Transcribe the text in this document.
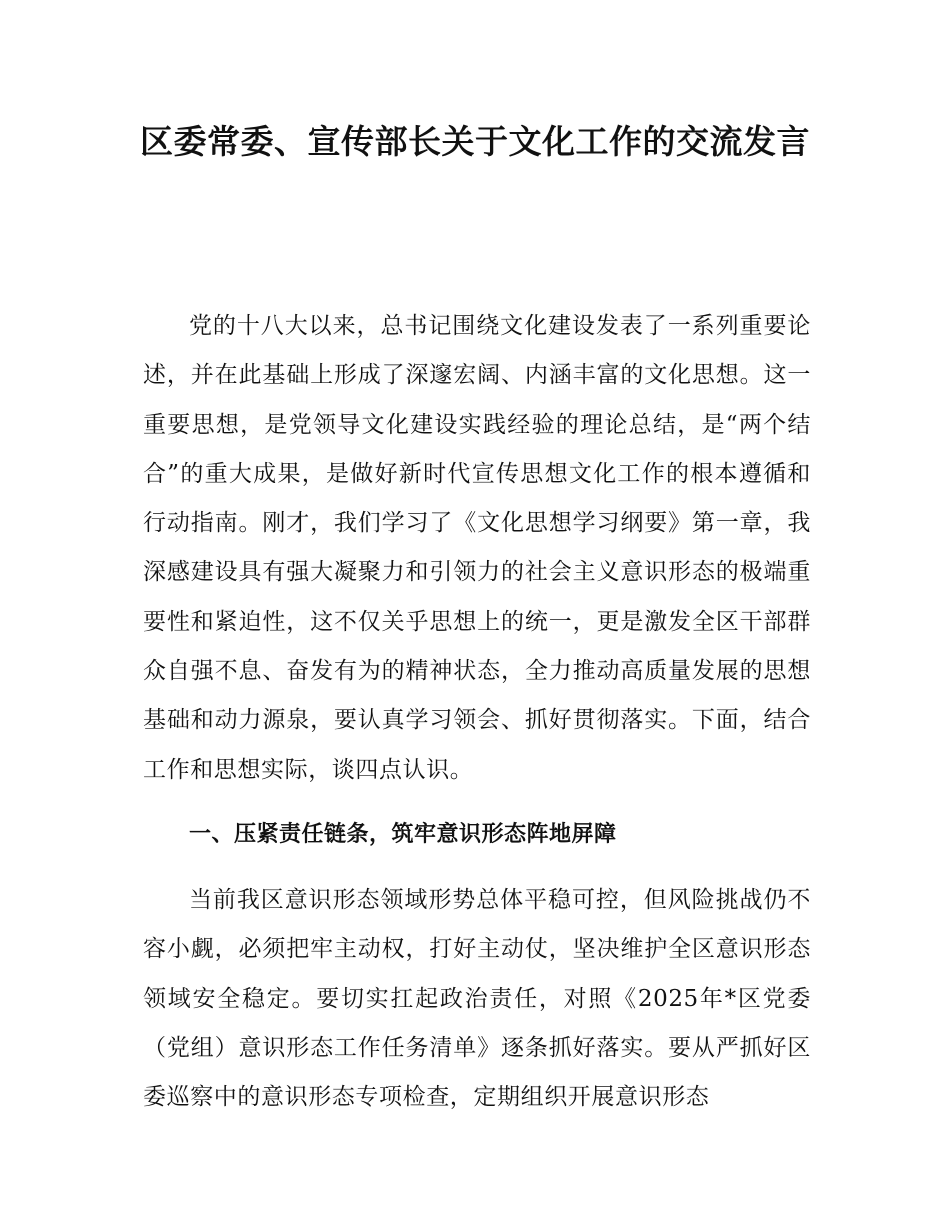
区委常委、宣传部长关于文化工作的交流发言

党的十八大以来，总书记围绕文化建设发表了一系列重要论述，并在此基础上形成了深邃宏阔、内涵丰富的文化思想。这一重要思想，是党领导文化建设实践经验的理论总结，是“两个结合”的重大成果，是做好新时代宣传思想文化工作的根本遵循和行动指南。刚才，我们学习了《文化思想学习纲要》第一章，我深感建设具有强大凝聚力和引领力的社会主义意识形态的极端重要性和紧迫性，这不仅关乎思想上的统一，更是激发全区干部群众自强不息、奋发有为的精神状态，全力推动高质量发展的思想基础和动力源泉，要认真学习领会、抓好贯彻落实。下面，结合工作和思想实际，谈四点认识。

一、压紧责任链条，筑牢意识形态阵地屏障

当前我区意识形态领域形势总体平稳可控，但风险挑战仍不容小觑，必须把牢主动权，打好主动仗，坚决维护全区意识形态领域安全稳定。要切实扛起政治责任，对照《2025年*区党委（党组）意识形态工作任务清单》逐条抓好落实。要从严抓好区委巡察中的意识形态专项检查，定期组织开展意识形态
